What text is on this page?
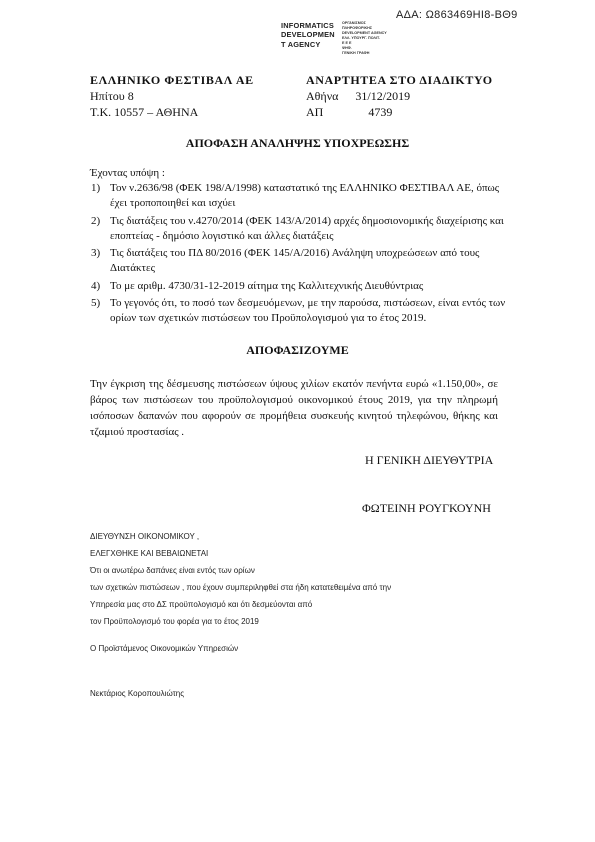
ΑΔΑ: Ω863469ΗΙ8-ΒΘ9
INFORMATICS
DEVELOPMEN
T AGENCY
ΟΡΓΑΝΙΣΜΟΣ
ΠΛΗΡΟΦΟΡΙΚΗΣ
DEVELOPMENT AGENCY
ΕΛΛ. ΥΠΟΥΡΓ. ΠΟΛΙΤ.
Ε Ε Ε
ΨΗΦ.
ΓΕΝΙΚΗ ΓΡΑΦΗ
ΕΛΛΗΝΙΚΟ ΦΕΣΤΙΒΑΛ ΑΕ
Ηπίτου 8
Τ.Κ. 10557 – ΑΘΗΝΑ
ΑΝΑΡΤΗΤΕΑ ΣΤΟ ΔΙΑΔΙΚΤΥΟ
Αθήνα 31/12/2019
ΑΠ	4739
ΑΠΟΦΑΣΗ ΑΝΑΛΗΨΗΣ ΥΠΟΧΡΕΩΣΗΣ
Έχοντας υπόψη :
1) Τον ν.2636/98 (ΦΕΚ 198/Α/1998) καταστατικό της ΕΛΛΗΝΙΚΟ ΦΕΣΤΙΒΑΛ ΑΕ, όπως έχει τροποποιηθεί και ισχύει
2) Τις διατάξεις του ν.4270/2014 (ΦΕΚ 143/Α/2014) αρχές δημοσιονομικής διαχείρισης και εποπτείας - δημόσιο λογιστικό και άλλες διατάξεις
3) Τις διατάξεις του ΠΔ 80/2016 (ΦΕΚ 145/Α/2016) Ανάληψη υποχρεώσεων από τους Διατάκτες
4) Το με αριθμ. 4730/31-12-2019 αίτημα της Καλλιτεχνικής Διευθύντριας
5) Το γεγονός ότι, το ποσό των δεσμευόμενων, με την παρούσα, πιστώσεων, είναι εντός των ορίων των σχετικών πιστώσεων του Προϋπολογισμού για το έτος 2019.
ΑΠΟΦΑΣΙΖΟΥΜΕ
Την έγκριση της δέσμευσης πιστώσεων ύψους χιλίων εκατόν πενήντα ευρώ «1.150,00», σε βάρος των πιστώσεων του προϋπολογισμού οικονομικού έτους 2019, για την πληρωμή ισόποσων δαπανών που αφορούν σε προμήθεια συσκευής κινητού τηλεφώνου, θήκης και τζαμιού προστασίας .
Η ΓΕΝΙΚΗ ΔΙΕΥΘΥΤΡΙΑ
ΦΩΤΕΙΝΗ ΡΟΥΓΚΟΥΝΗ
ΔΙΕΥΘΥΝΣΗ ΟΙΚΟΝΟΜΙΚΟΥ ,
ΕΛΕΓΧΘΗΚΕ ΚΑΙ ΒΕΒΑΙΩΝΕΤΑΙ
Ότι οι ανωτέρω δαπάνες είναι εντός των ορίων
των σχετικών πιστώσεων , που έχουν συμπεριληφθεί στα ήδη κατατεθειμένα από την
Υπηρεσία μας στο ΔΣ προϋπολογισμό και ότι δεσμεύονται από
τον Προϋπολογισμό του φορέα για το έτος 2019
Ο Προϊστάμενος Οικονομικών Υπηρεσιών
Νεκτάριος Κοροπουλιώτης
